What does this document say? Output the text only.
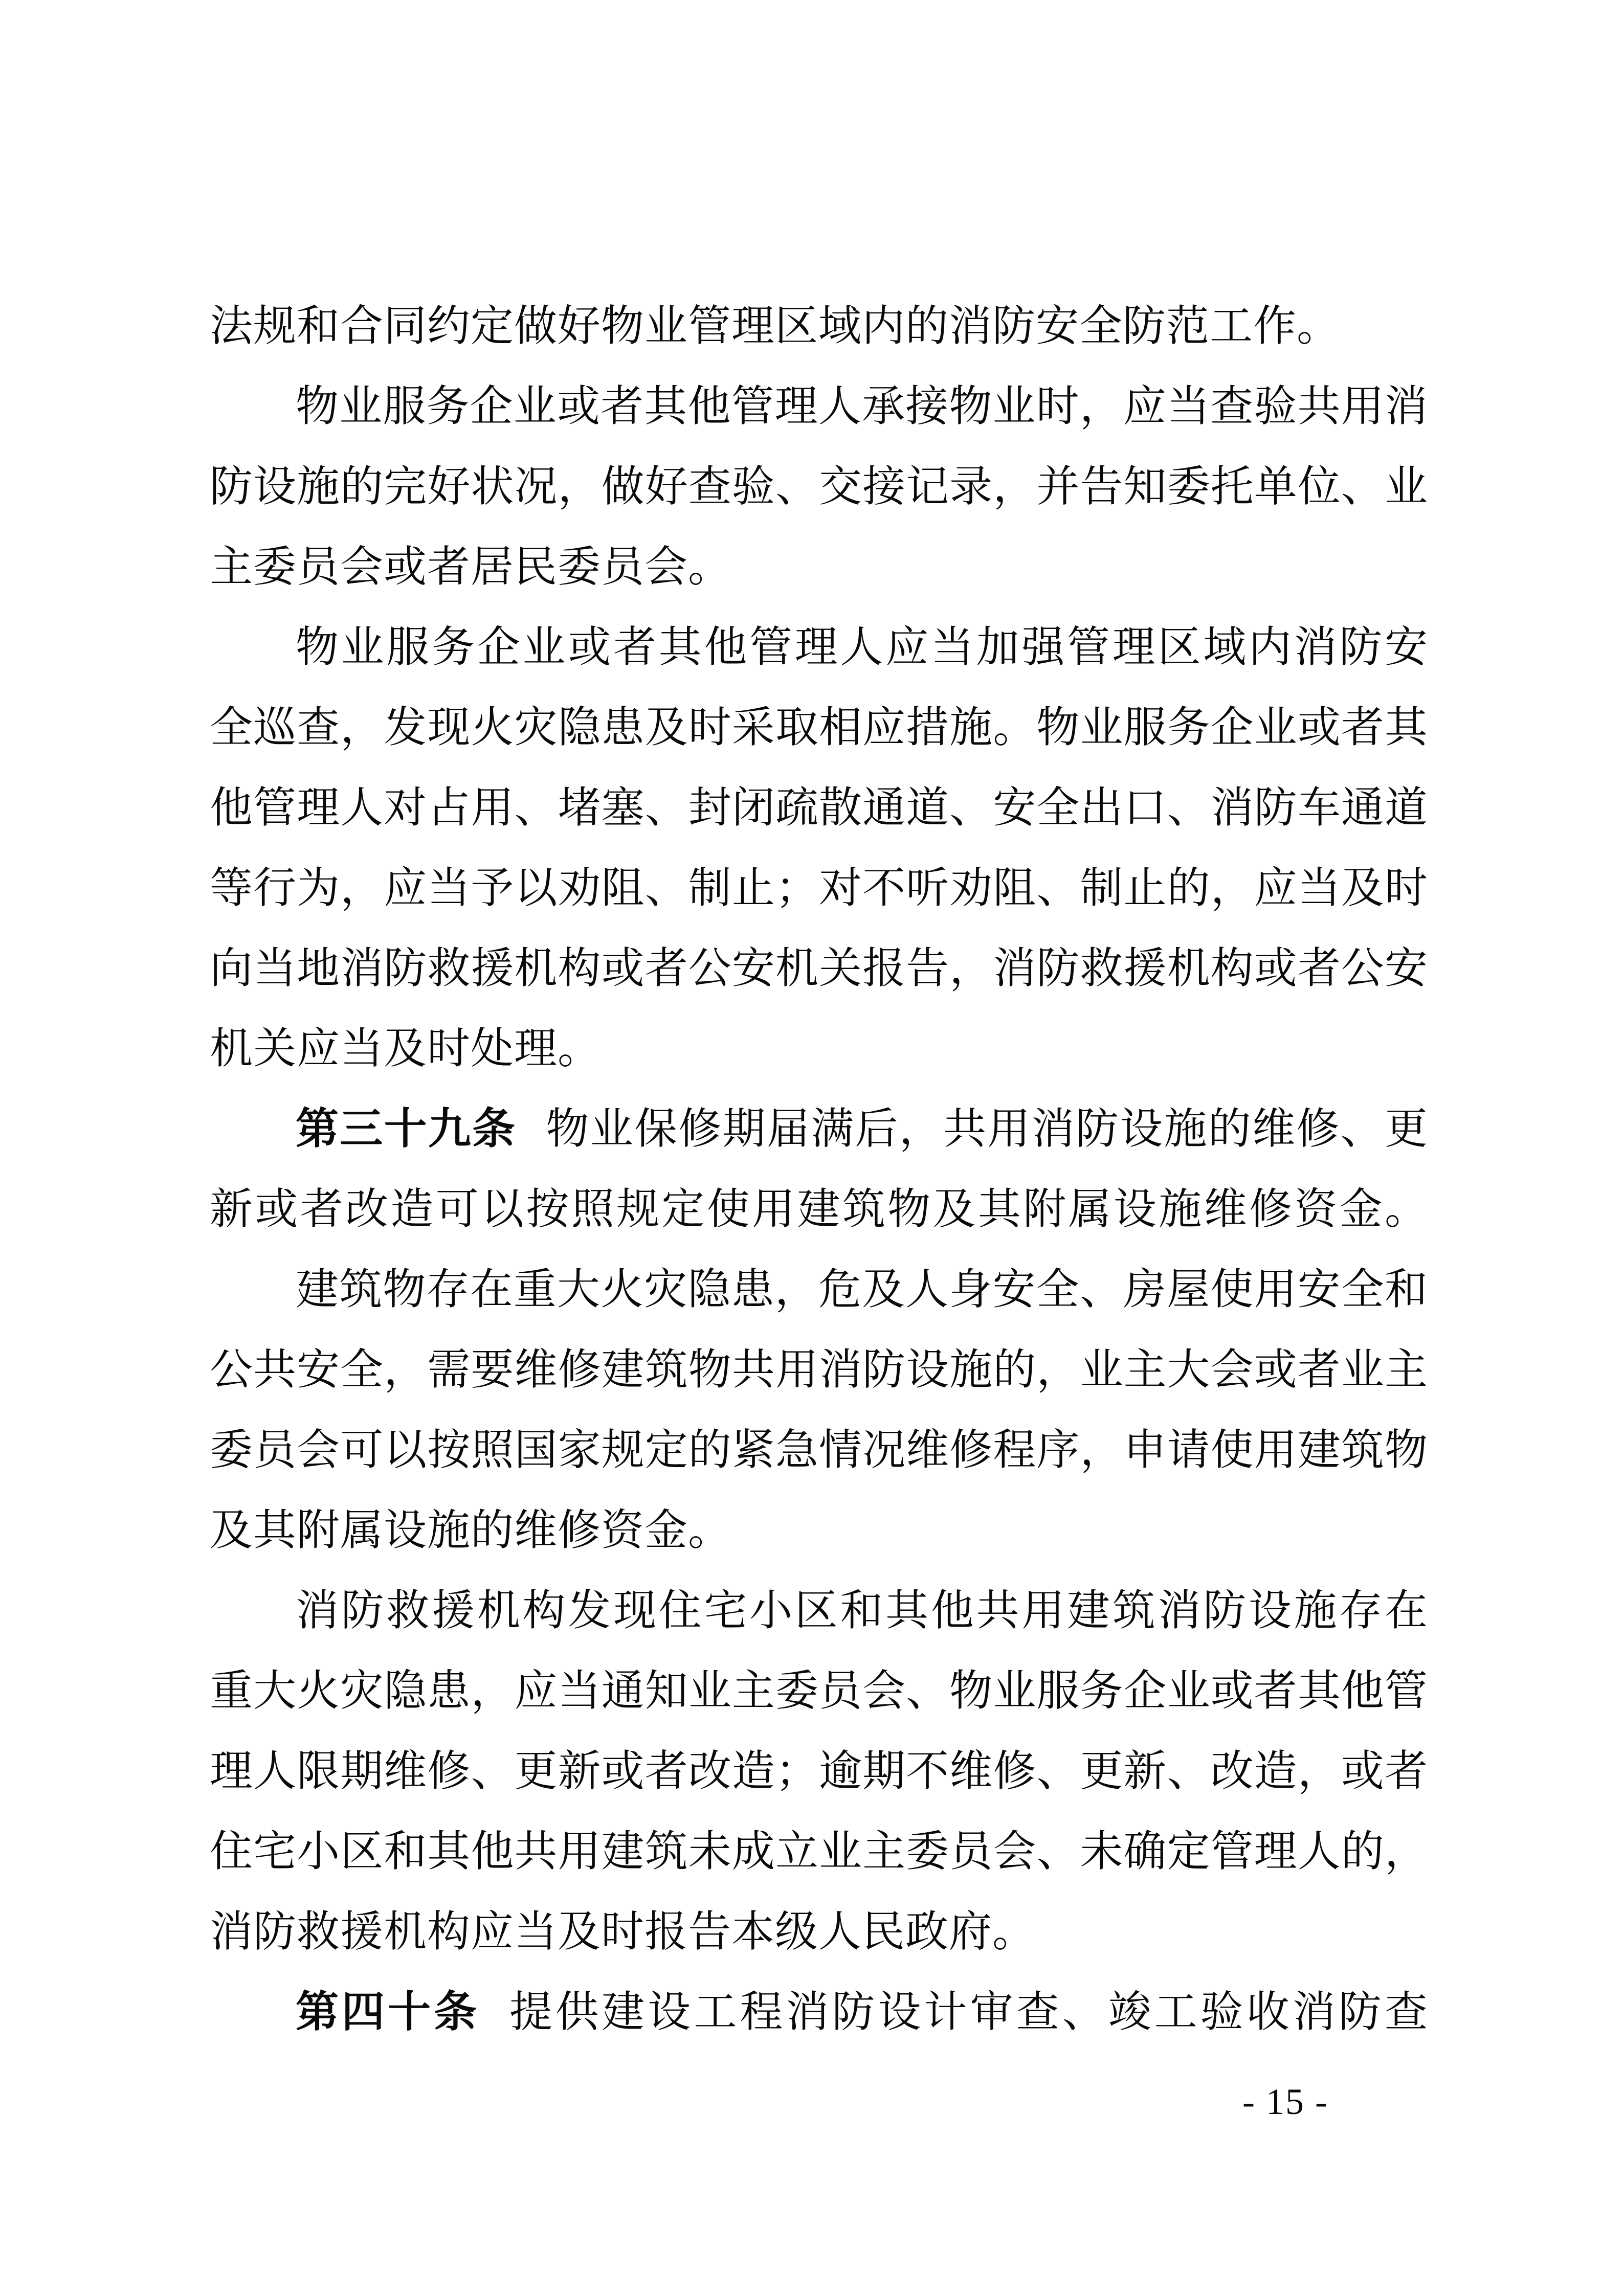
法规和合同约定做好物业管理区域内的消防安全防范工作。
物业服务企业或者其他管理人承接物业时，应当查验共用消
防设施的完好状况，做好查验、交接记录，并告知委托单位、业
主委员会或者居民委员会。
物业服务企业或者其他管理人应当加强管理区域内消防安
全巡查，发现火灾隐患及时采取相应措施。物业服务企业或者其
他管理人对占用、堵塞、封闭疏散通道、安全出口、消防车通道
等行为，应当予以劝阻、制止；对不听劝阻、制止的，应当及时
向当地消防救援机构或者公安机关报告，消防救援机构或者公安
机关应当及时处理。
第三十九条 物业保修期届满后，共用消防设施的维修、更
新或者改造可以按照规定使用建筑物及其附属设施维修资金。
建筑物存在重大火灾隐患，危及人身安全、房屋使用安全和
公共安全，需要维修建筑物共用消防设施的，业主大会或者业主
委员会可以按照国家规定的紧急情况维修程序，申请使用建筑物
及其附属设施的维修资金。
消防救援机构发现住宅小区和其他共用建筑消防设施存在
重大火灾隐患，应当通知业主委员会、物业服务企业或者其他管
理人限期维修、更新或者改造；逾期不维修、更新、改造，或者
住宅小区和其他共用建筑未成立业主委员会、未确定管理人的，
消防救援机构应当及时报告本级人民政府。
第四十条 提供建设工程消防设计审查、竣工验收消防查
- 15 -
